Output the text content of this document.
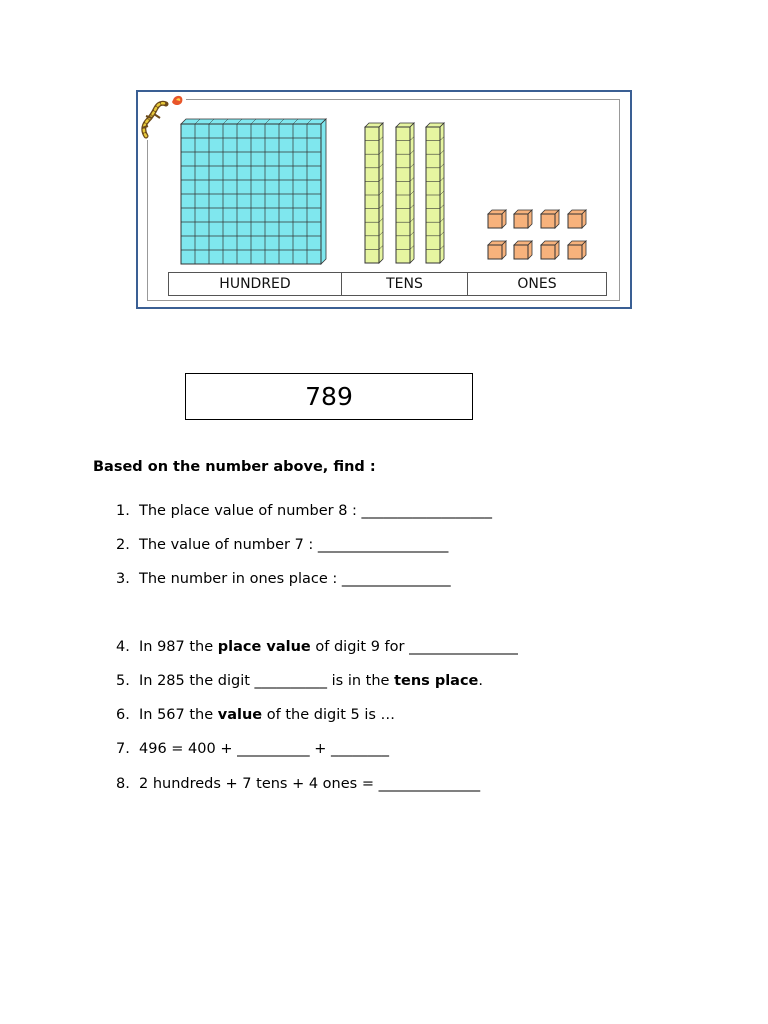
HUNDRED	TENS	ONES
789
Based on the number above, find :
1. The place value of number 8 : __________________
2. The value of number 7 : __________________
3. The number in ones place : _______________
4. In 987 the place value of digit 9 for _______________
5. In 285 the digit __________ is in the tens place.
6. In 567 the value of the digit 5 is …
7. 496 = 400 + __________ + ________
8. 2 hundreds + 7 tens + 4 ones = ______________
